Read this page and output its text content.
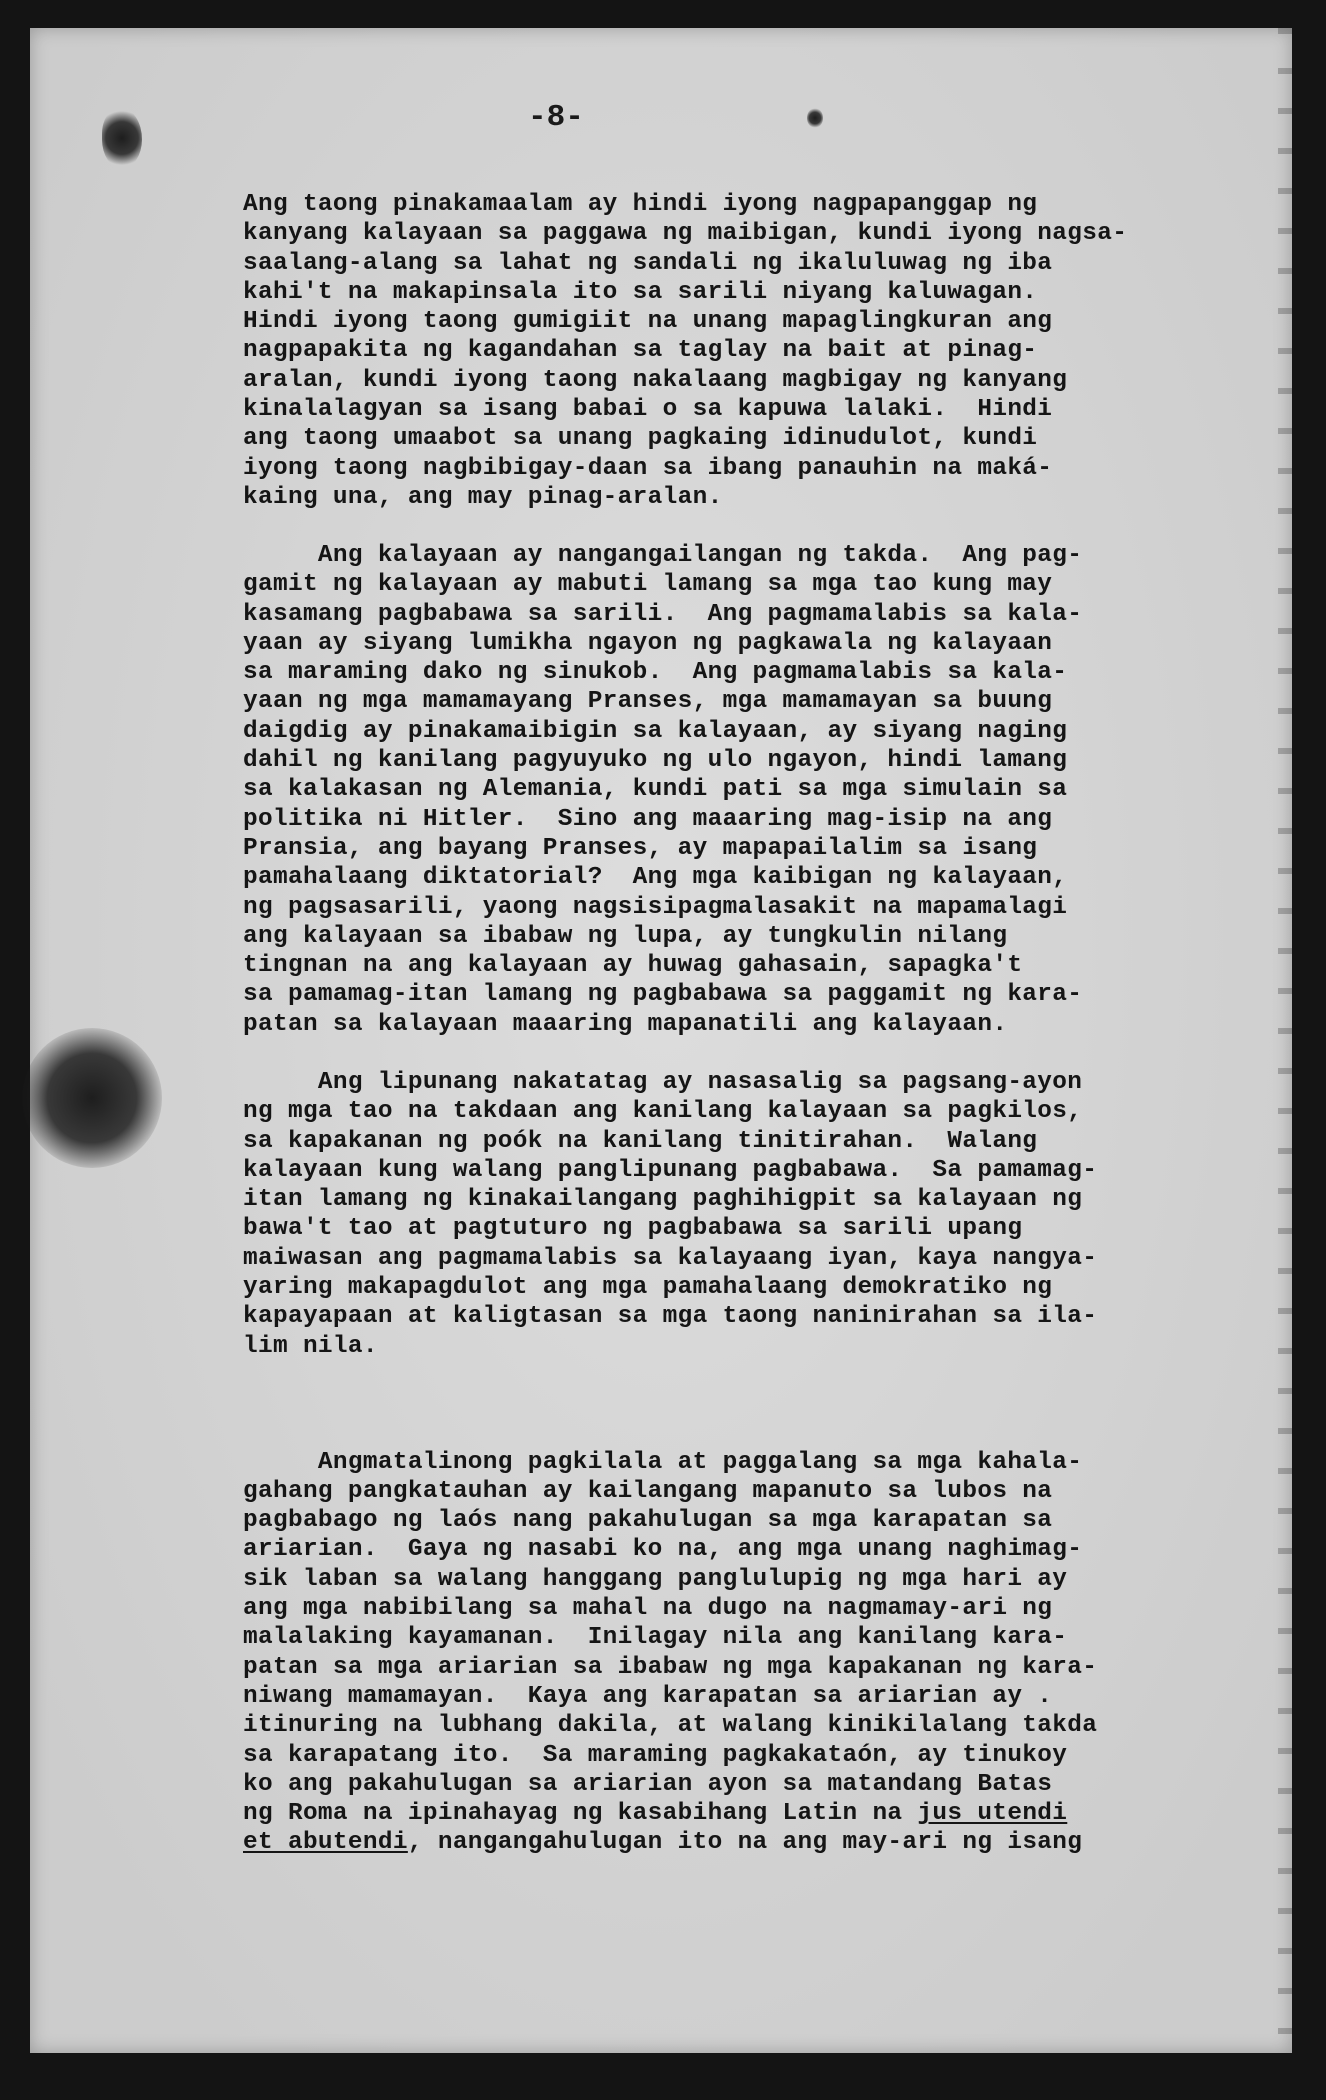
-8-
Ang taong pinakamaalam ay hindi iyong nagpapanggap ng
kanyang kalayaan sa paggawa ng maibigan, kundi iyong nagsa-
saalang-alang sa lahat ng sandali ng ikaluluwag ng iba
kahi't na makapinsala ito sa sarili niyang kaluwagan.
Hindi iyong taong gumigiit na unang mapaglingkuran ang
nagpapakita ng kagandahan sa taglay na bait at pinag-
aralan, kundi iyong taong nakalaang magbigay ng kanyang
kinalalagyan sa isang babai o sa kapuwa lalaki.  Hindi
ang taong umaabot sa unang pagkaing idinudulot, kundi
iyong taong nagbibigay-daan sa ibang panauhin na maká-
kaing una, ang may pinag-aralan.
Ang kalayaan ay nangangailangan ng takda.  Ang pag-
gamit ng kalayaan ay mabuti lamang sa mga tao kung may
kasamang pagbabawa sa sarili.  Ang pagmamalabis sa kala-
yaan ay siyang lumikha ngayon ng pagkawala ng kalayaan
sa maraming dako ng sinukob.  Ang pagmamalabis sa kala-
yaan ng mga mamamayang Pranses, mga mamamayan sa buung
daigdig ay pinakamaibigin sa kalayaan, ay siyang naging
dahil ng kanilang pagyuyuko ng ulo ngayon, hindi lamang
sa kalakasan ng Alemania, kundi pati sa mga simulain sa
politika ni Hitler.  Sino ang maaaring mag-isip na ang
Pransia, ang bayang Pranses, ay mapapailalim sa isang
pamahalaang diktatorial?  Ang mga kaibigan ng kalayaan,
ng pagsasarili, yaong nagsisipagmalasakit na mapamalagi
ang kalayaan sa ibabaw ng lupa, ay tungkulin nilang
tingnan na ang kalayaan ay huwag gahasain, sapagka't
sa pamamag-itan lamang ng pagbabawa sa paggamit ng kara-
patan sa kalayaan maaaring mapanatili ang kalayaan.
Ang lipunang nakatatag ay nasasalig sa pagsang-ayon
ng mga tao na takdaan ang kanilang kalayaan sa pagkilos,
sa kapakanan ng poók na kanilang tinitirahan.  Walang
kalayaan kung walang panglipunang pagbabawa.  Sa pamamag-
itan lamang ng kinakailangang paghihigpit sa kalayaan ng
bawa't tao at pagtuturo ng pagbabawa sa sarili upang
maiwasan ang pagmamalabis sa kalayaang iyan, kaya nangya-
yaring makapagdulot ang mga pamahalaang demokratiko ng
kapayapaan at kaligtasan sa mga taong naninirahan sa ila-
lim nila.

Angmatalinong pagkilala at paggalang sa mga kahala-
gahang pangkatauhan ay kailangang mapanuto sa lubos na
pagbabago ng laós nang pakahulugan sa mga karapatan sa
ariarian.  Gaya ng nasabi ko na, ang mga unang naghimag-
sik laban sa walang hanggang panglulupig ng mga hari ay
ang mga nabibilang sa mahal na dugo na nagmamay-ari ng
malalaking kayamanan.  Inilagay nila ang kanilang kara-
patan sa mga ariarian sa ibabaw ng mga kapakanan ng kara-
niwang mamamayan.  Kaya ang karapatan sa ariarian ay .
itinuring na lubhang dakila, at walang kinikilalang takda
sa karapatang ito.  Sa maraming pagkakataón, ay tinukoy
ko ang pakahulugan sa ariarian ayon sa matandang Batas
ng Roma na ipinahayag ng kasabihang Latin na jus utendi
et abutendi, nangangahulugan ito na ang may-ari ng isang
